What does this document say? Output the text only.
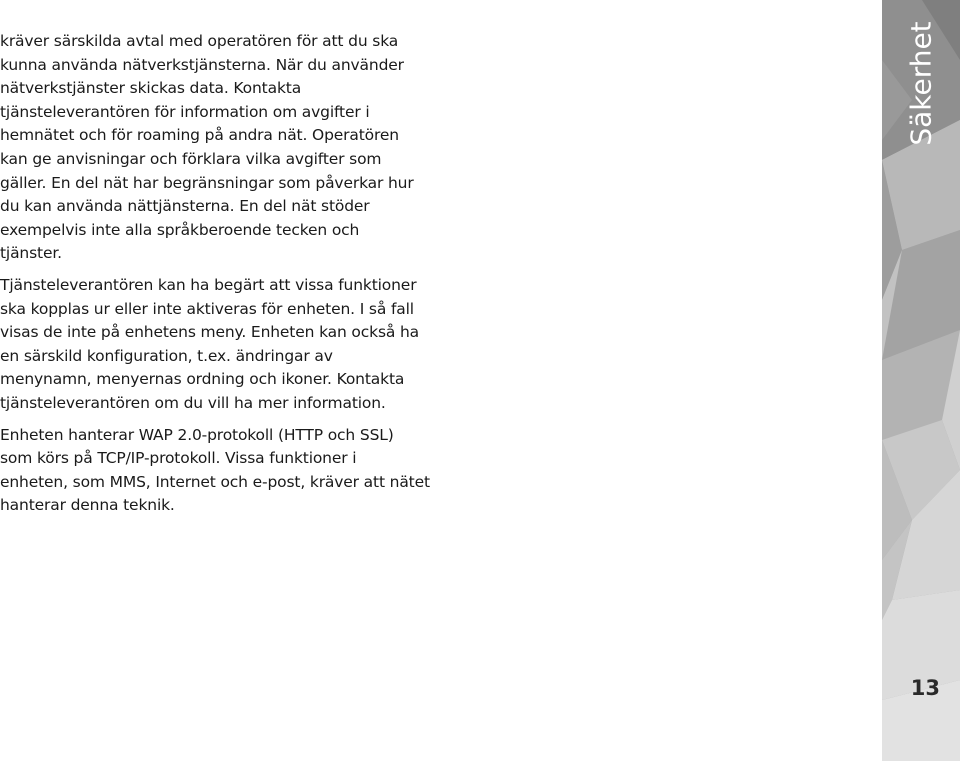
kräver särskilda avtal med operatören för att du ska
kunna använda nätverkstjänsterna. När du använder
nätverkstjänster skickas data. Kontakta
tjänsteleverantören för information om avgifter i
hemnätet och för roaming på andra nät. Operatören
kan ge anvisningar och förklara vilka avgifter som
gäller. En del nät har begränsningar som påverkar hur
du kan använda nättjänsterna. En del nät stöder
exempelvis inte alla språkberoende tecken och
tjänster.

Tjänsteleverantören kan ha begärt att vissa funktioner
ska kopplas ur eller inte aktiveras för enheten. I så fall
visas de inte på enhetens meny. Enheten kan också ha
en särskild konfiguration, t.ex. ändringar av
menynamn, menyernas ordning och ikoner. Kontakta
tjänsteleverantören om du vill ha mer information.

Enheten hanterar WAP 2.0-protokoll (HTTP och SSL)
som körs på TCP/IP-protokoll. Vissa funktioner i
enheten, som MMS, Internet och e-post, kräver att nätet
hanterar denna teknik.

Säkerhet
13
